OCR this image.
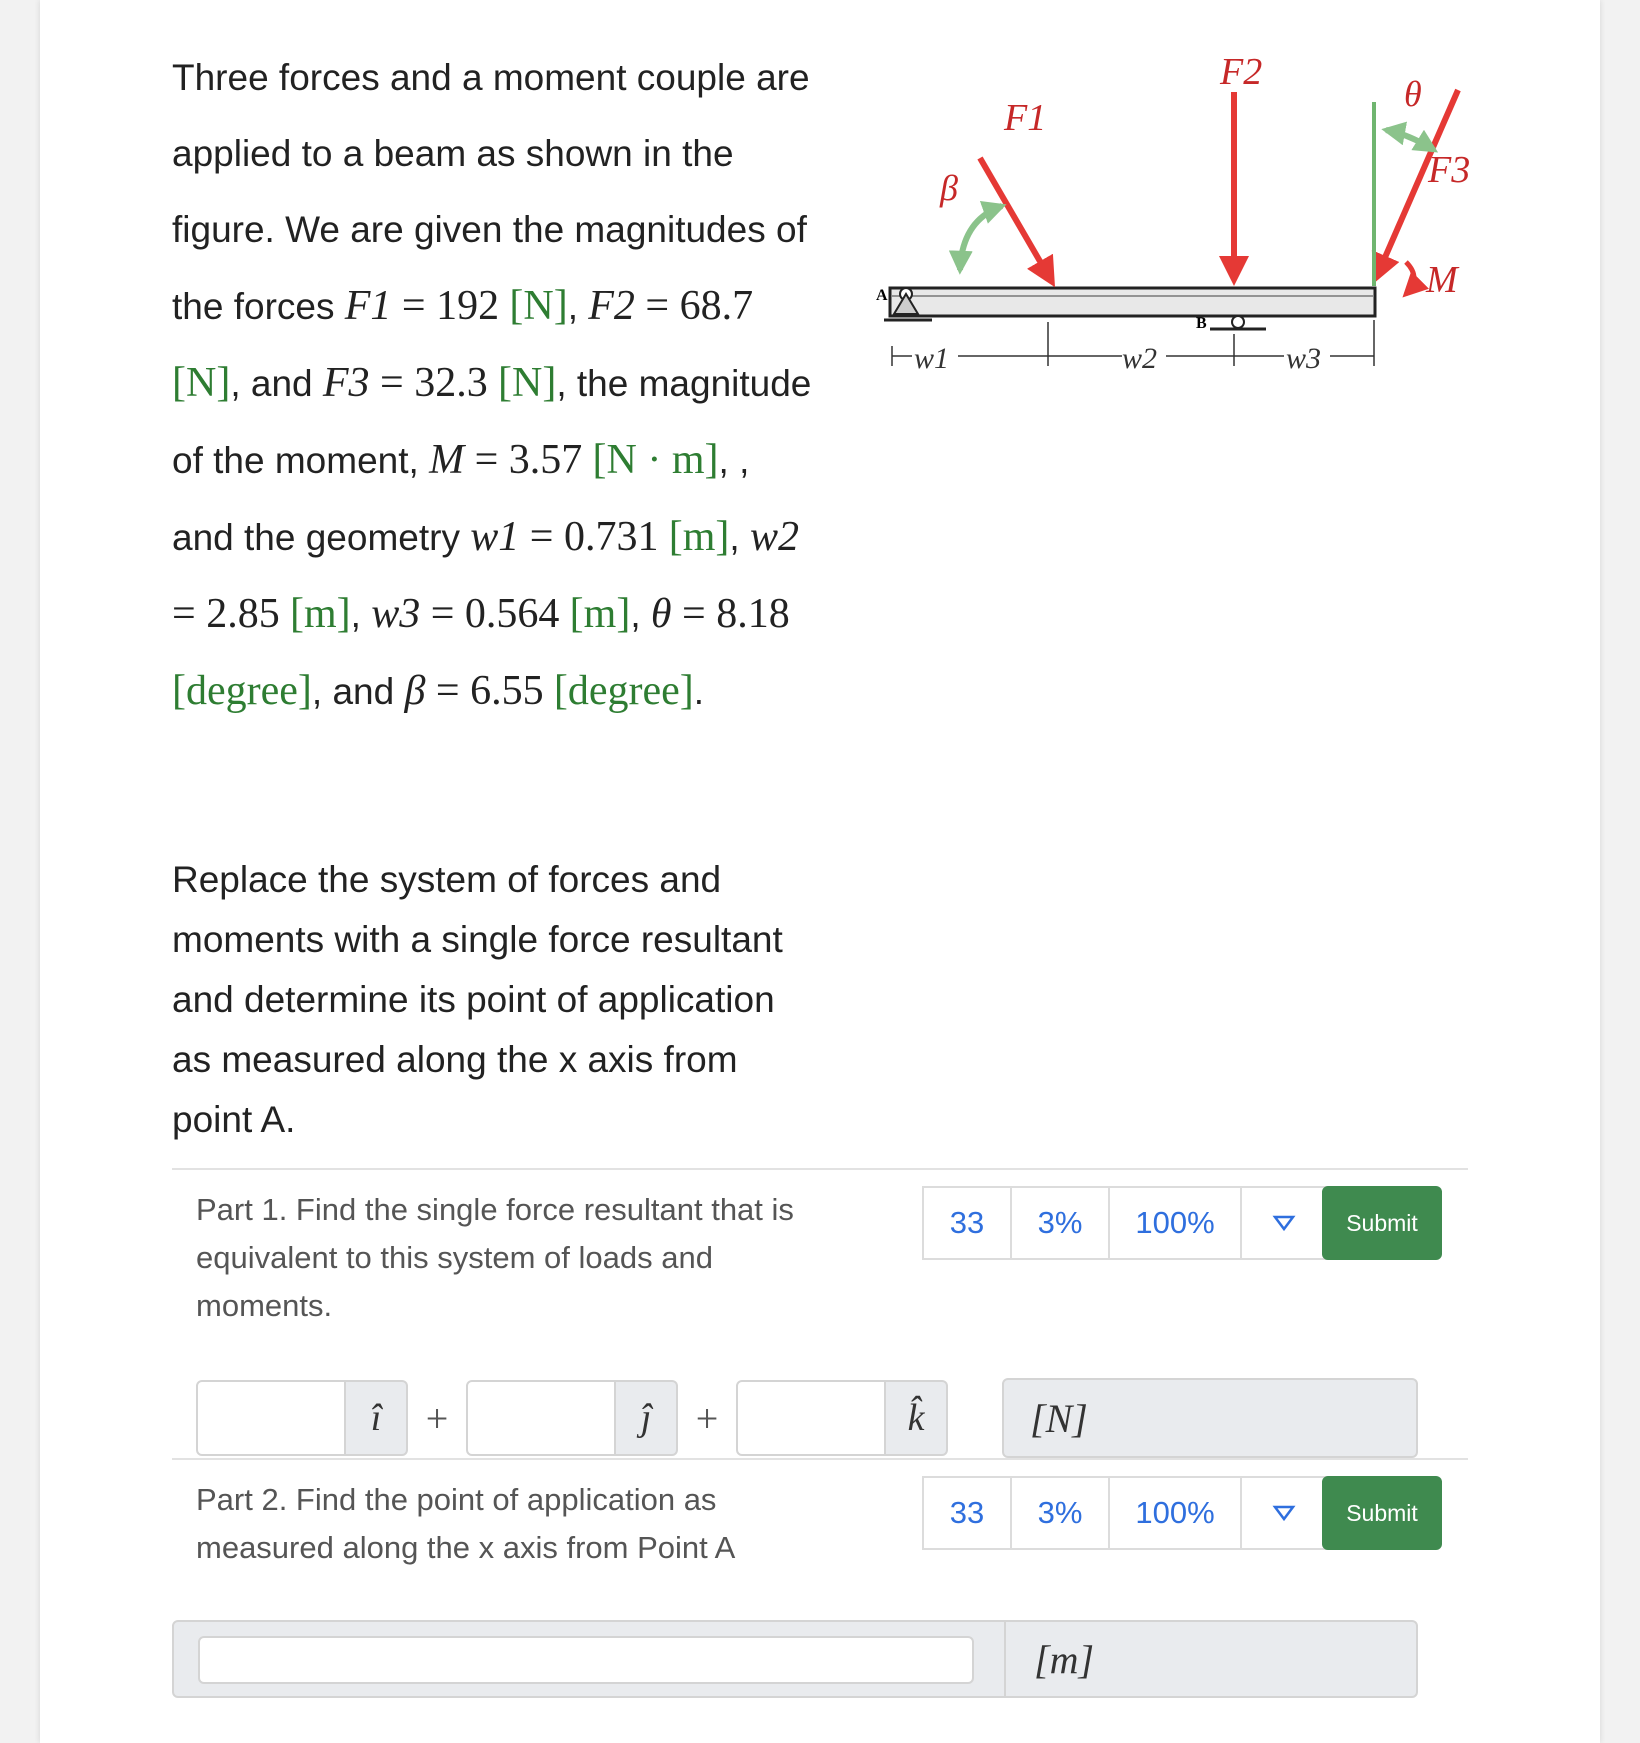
Three forces and a moment couple are applied to a beam as shown in the figure. We are given the magnitudes of the forces F1 = 192 [N], F2 = 68.7 [N], and F3 = 32.3 [N], the magnitude of the moment, M = 3.57 [N · m], , and the geometry w1 = 0.731 [m], w2 = 2.85 [m], w3 = 0.564 [m], θ = 8.18 [degree], and β = 6.55 [degree].

Replace the system of forces and moments with a single force resultant and determine its point of application as measured along the x axis from point A.

A
B
F1
β
F2
θ
F3
M
w1	w2	w3
Part 1. Find the single force resultant that is equivalent to this system of loads and moments.
33	3%	100%	Submit
î	+	ĵ	+	k̂	[N]
Part 2. Find the point of application as measured along the x axis from Point A
33	3%	100%	Submit
[m]
